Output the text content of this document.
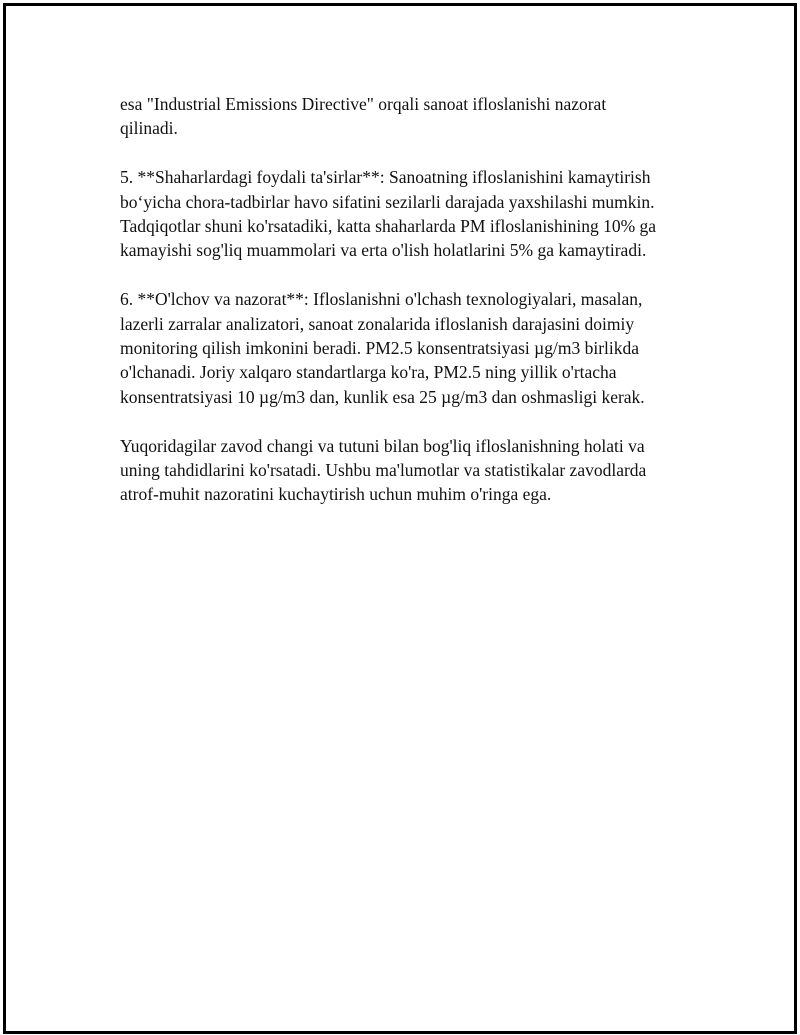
esa "Industrial Emissions Directive" orqali sanoat ifloslanishi nazorat
qilinadi.

5. **Shaharlardagi foydali ta'sirlar**: Sanoatning ifloslanishini kamaytirish
bo‘yicha chora-tadbirlar havo sifatini sezilarli darajada yaxshilashi mumkin.
Tadqiqotlar shuni ko'rsatadiki, katta shaharlarda PM ifloslanishining 10% ga
kamayishi sog'liq muammolari va erta o'lish holatlarini 5% ga kamaytiradi.

6. **O'lchov va nazorat**: Ifloslanishni o'lchash texnologiyalari, masalan,
lazerli zarralar analizatori, sanoat zonalarida ifloslanish darajasini doimiy
monitoring qilish imkonini beradi. PM2.5 konsentratsiyasi µg/m3 birlikda
o'lchanadi. Joriy xalqaro standartlarga ko'ra, PM2.5 ning yillik o'rtacha
konsentratsiyasi 10 µg/m3 dan, kunlik esa 25 µg/m3 dan oshmasligi kerak.

Yuqoridagilar zavod changi va tutuni bilan bog'liq ifloslanishning holati va
uning tahdidlarini ko'rsatadi. Ushbu ma'lumotlar va statistikalar zavodlarda
atrof-muhit nazoratini kuchaytirish uchun muhim o'ringa ega.
